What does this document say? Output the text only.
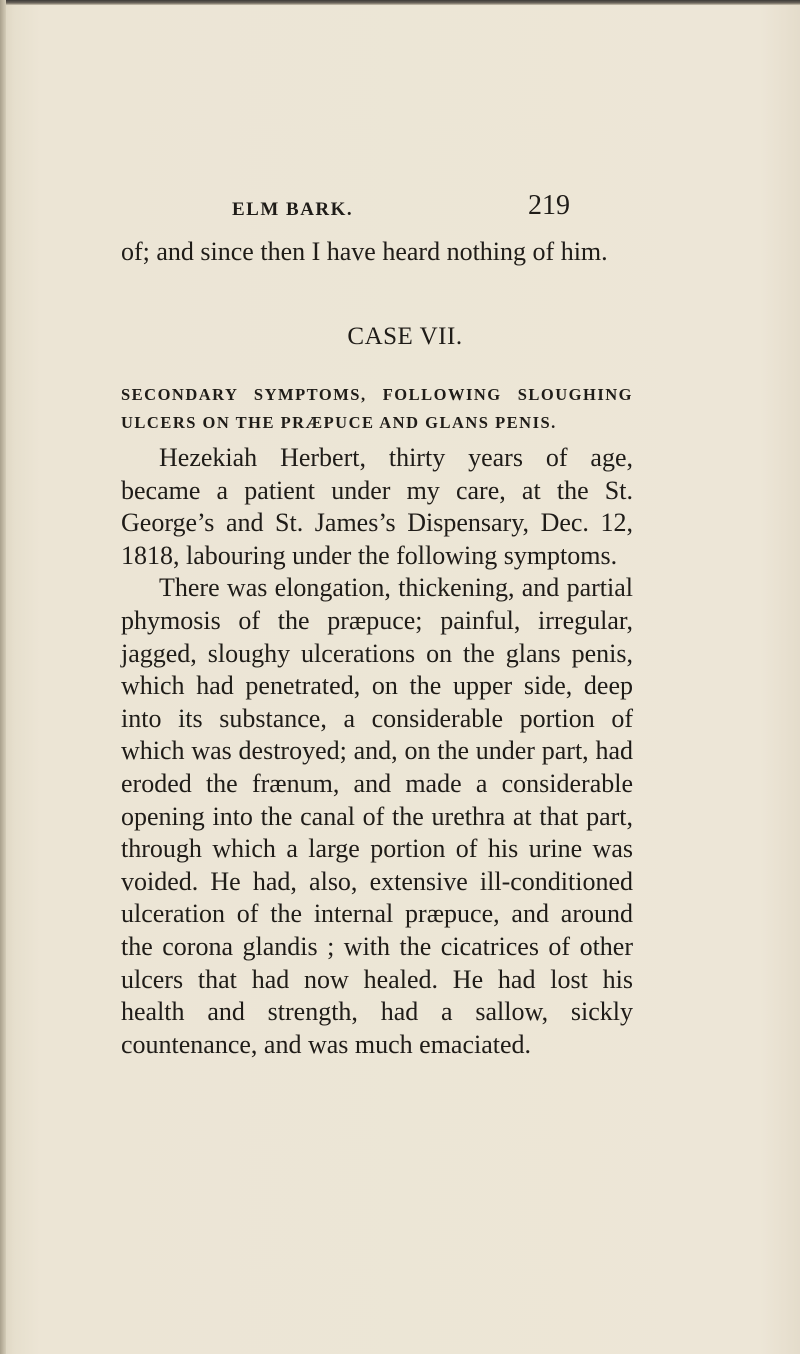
ELM BARK.	219

of; and since then I have heard nothing of him.

CASE VII.
SECONDARY SYMPTOMS, FOLLOWING SLOUGHING ULCERS ON THE PRÆPUCE AND GLANS PENIS.

Hezekiah Herbert, thirty years of age, became a patient under my care, at the St. George’s and St. James’s Dispensary, Dec. 12, 1818, labouring under the following symptoms.

There was elongation, thickening, and partial phymosis of the præpuce; painful, irregular, jagged, sloughy ulcerations on the glans penis, which had penetrated, on the upper side, deep into its substance, a considerable portion of which was destroyed; and, on the under part, had eroded the frænum, and made a considerable opening into the canal of the urethra at that part, through which a large portion of his urine was voided. He had, also, extensive ill-conditioned ulceration of the internal præpuce, and around the corona glandis ; with the cicatrices of other ulcers that had now healed. He had lost his health and strength, had a sallow, sickly countenance, and was much emaciated.
